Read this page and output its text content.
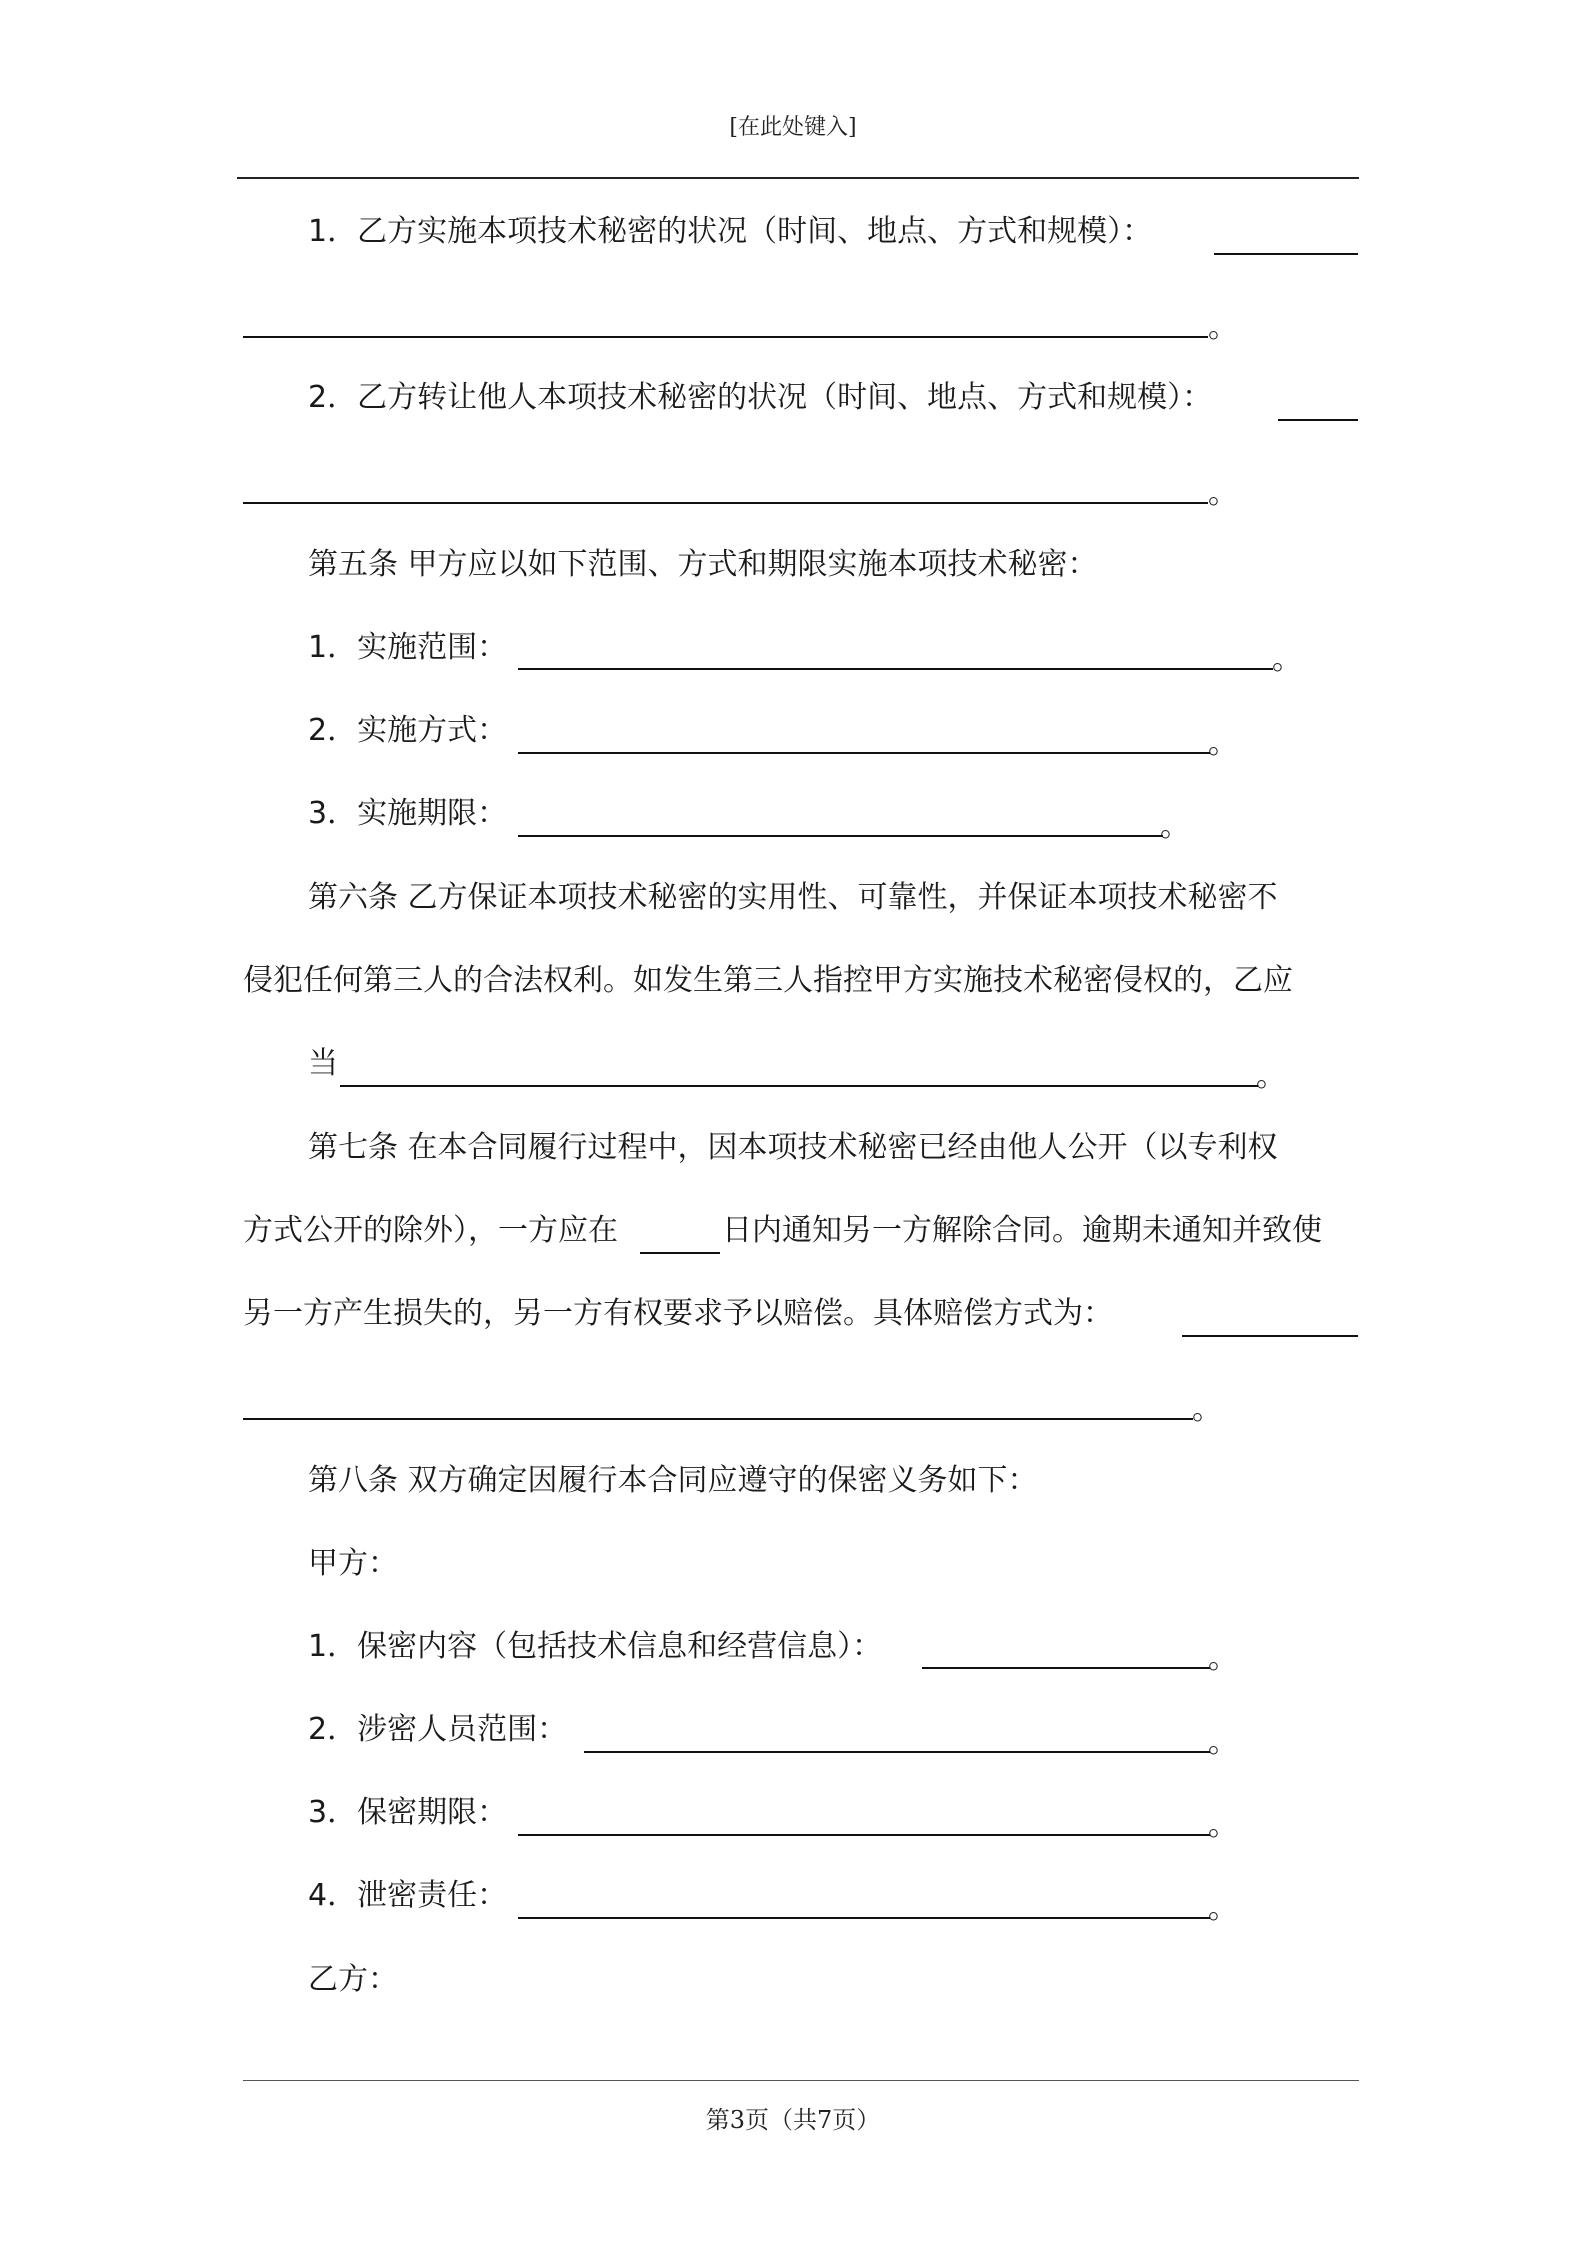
[在此处键入]
1．乙方实施本项技术秘密的状况（时间、地点、方式和规模）：
。
2．乙方转让他人本项技术秘密的状况（时间、地点、方式和规模）：
。
第五条 甲方应以如下范围、方式和期限实施本项技术秘密：
1．实施范围：	。
2．实施方式：	。
3．实施期限：	。
第六条 乙方保证本项技术秘密的实用性、可靠性，并保证本项技术秘密不
侵犯任何第三人的合法权利。如发生第三人指控甲方实施技术秘密侵权的，乙应
当	。
第七条 在本合同履行过程中，因本项技术秘密已经由他人公开（以专利权
方式公开的除外），一方应在	日内通知另一方解除合同。逾期未通知并致使
另一方产生损失的，另一方有权要求予以赔偿。具体赔偿方式为：
。
第八条 双方确定因履行本合同应遵守的保密义务如下：
甲方：
1．保密内容（包括技术信息和经营信息）：	。
2．涉密人员范围：	。
3．保密期限：	。
4．泄密责任：	。
乙方：
第3页（共7页）
